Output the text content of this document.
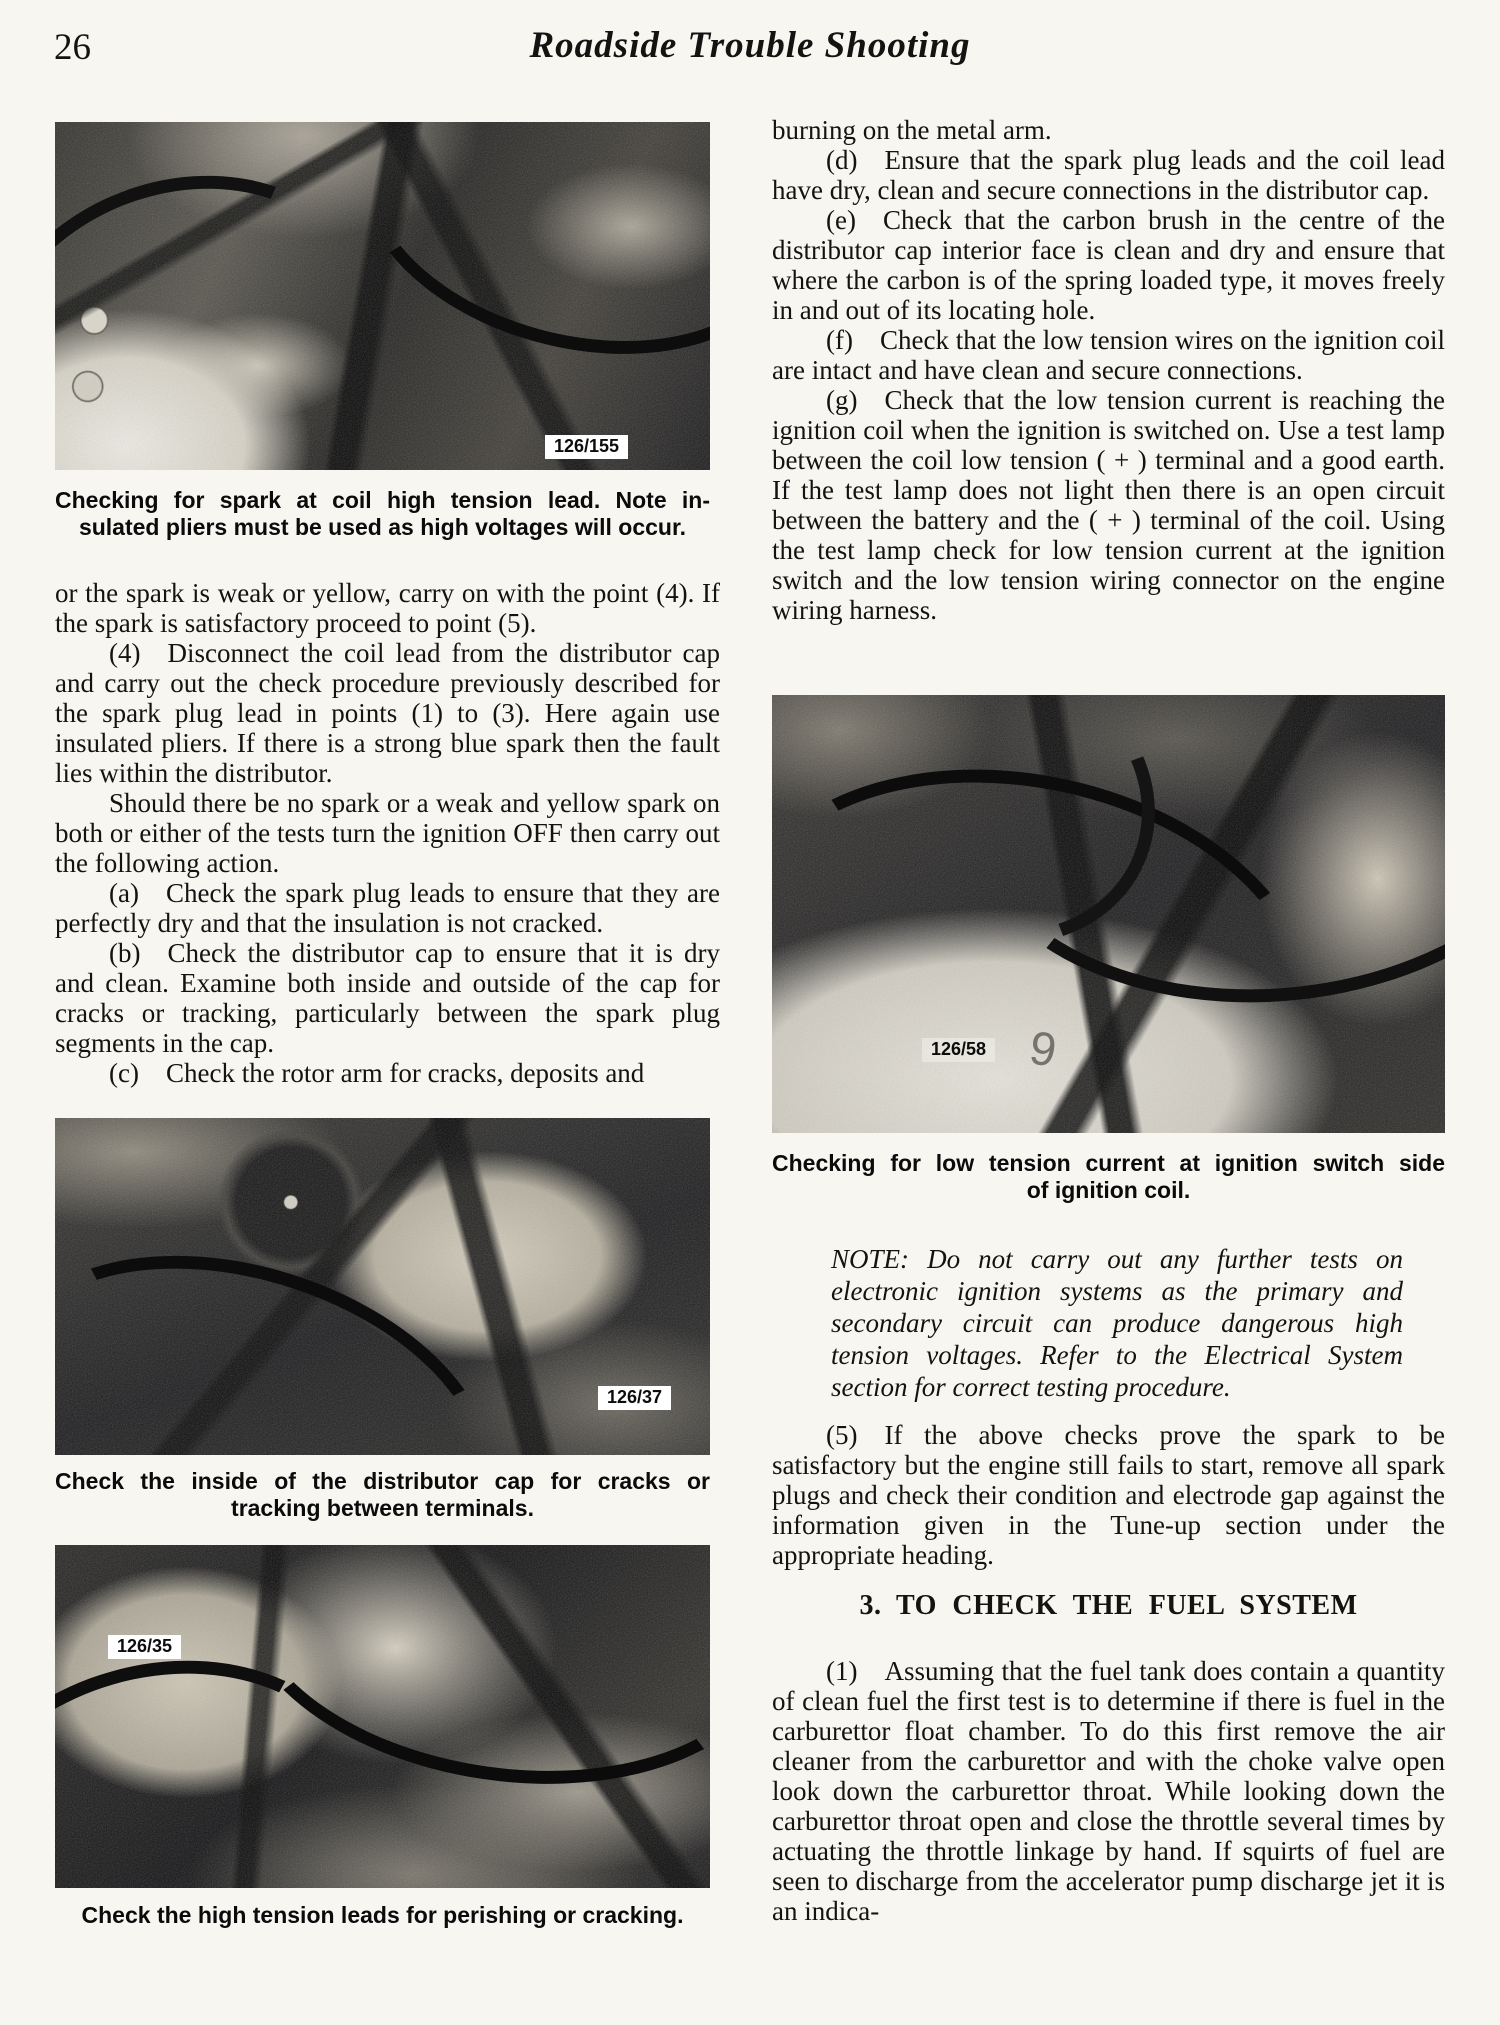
26	Roadside Trouble Shooting
126/155
Checking for spark at coil high tension lead. Note in-
sulated pliers must be used as high voltages will occur.

or the spark is weak or yellow, carry on with the point (4). If the spark is satisfactory proceed to point (5).

(4)  Disconnect the coil lead from the distributor cap and carry out the check procedure previously described for the spark plug lead in points (1) to (3). Here again use insulated pliers. If there is a strong blue spark then the fault lies within the distributor.

Should there be no spark or a weak and yellow spark on both or either of the tests turn the ignition OFF then carry out the following action.

(a)  Check the spark plug leads to ensure that they are perfectly dry and that the insulation is not cracked.

(b)  Check the distributor cap to ensure that it is dry and clean. Examine both inside and outside of the cap for cracks or tracking, particularly between the spark plug segments in the cap.

(c)  Check the rotor arm for cracks, deposits and

126/37
Check the inside of the distributor cap for cracks or
tracking between terminals.
126/35
Check the high tension leads for perishing or cracking.

burning on the metal arm.

(d)  Ensure that the spark plug leads and the coil lead have dry, clean and secure connections in the distributor cap.

(e)  Check that the carbon brush in the centre of the distributor cap interior face is clean and dry and ensure that where the carbon is of the spring loaded type, it moves freely in and out of its locating hole.

(f)  Check that the low tension wires on the ignition coil are intact and have clean and secure connections.

(g)  Check that the low tension current is reaching the ignition coil when the ignition is switched on. Use a test lamp between the coil low tension ( + ) terminal and a good earth. If the test lamp does not light then there is an open circuit between the battery and the ( + ) terminal of the coil. Using the test lamp check for low tension current at the ignition switch and the low tension wiring connector on the engine wiring harness.

126/58 9
Checking for low tension current at ignition switch side
of ignition coil.
NOTE: Do not carry out any further tests on electronic ignition systems as the primary and secondary circuit can produce dangerous high tension voltages. Refer to the Electrical System section for correct testing procedure.
(5)  If the above checks prove the spark to be satisfactory but the engine still fails to start, remove all spark plugs and check their condition and electrode gap against the information given in the Tune-up section under the appropriate heading.
3. TO CHECK THE FUEL SYSTEM
(1)  Assuming that the fuel tank does contain a quantity of clean fuel the first test is to determine if there is fuel in the carburettor float chamber. To do this first remove the air cleaner from the carburettor and with the choke valve open look down the carburettor throat. While looking down the carburettor throat open and close the throttle several times by actuating the throttle linkage by hand. If squirts of fuel are seen to discharge from the accelerator pump discharge jet it is an indica-
